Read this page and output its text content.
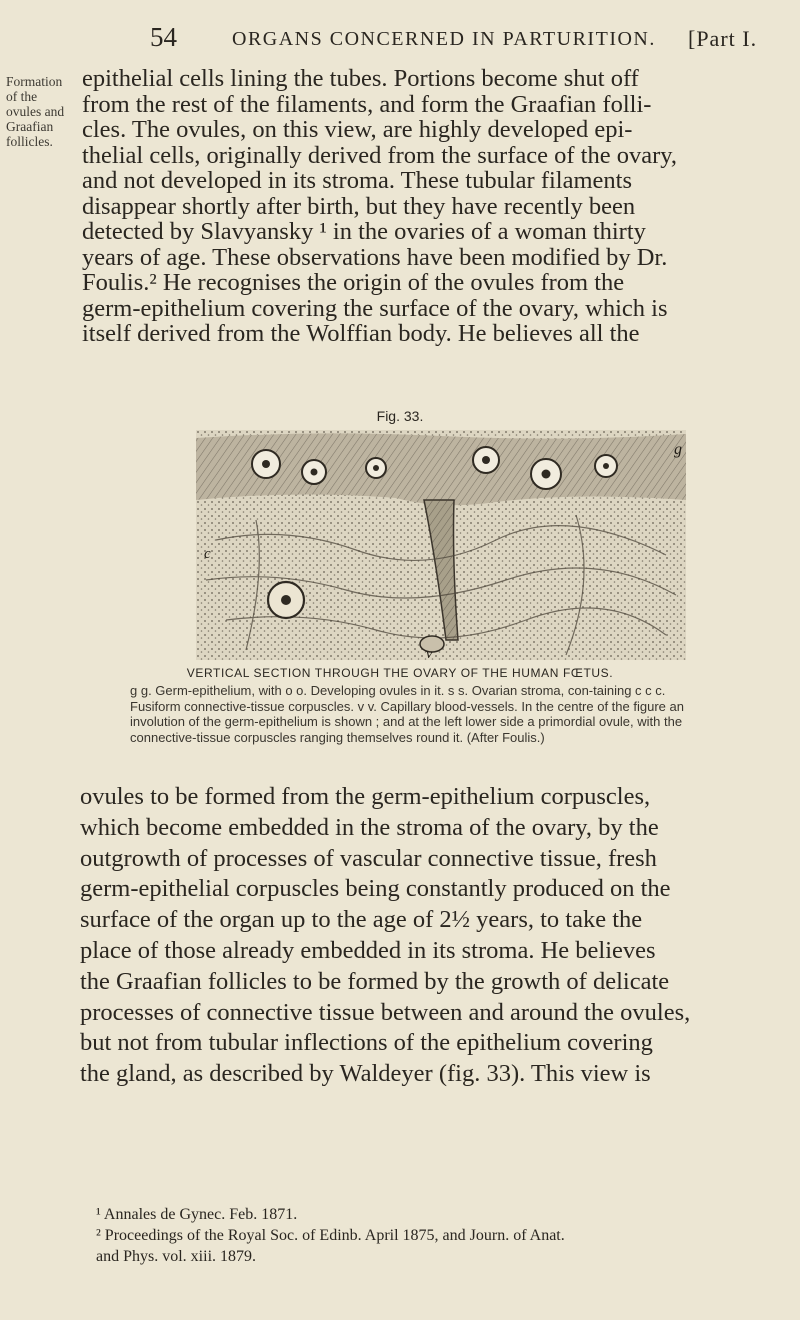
54	ORGANS CONCERNED IN PARTURITION. [Part I.
Formation
of the
ovules and
Graafian
follicles.
epithelial cells lining the tubes. Portions become shut off
from the rest of the filaments, and form the Graafian folli-
cles. The ovules, on this view, are highly developed epi-
thelial cells, originally derived from the surface of the ovary,
and not developed in its stroma. These tubular filaments
disappear shortly after birth, but they have recently been
detected by Slavyansky ¹ in the ovaries of a woman thirty
years of age. These observations have been modified by Dr.
Foulis.² He recognises the origin of the ovules from the
germ-epithelium covering the surface of the ovary, which is
itself derived from the Wolffian body. He believes all the
Fig. 33.
g
c
v
VERTICAL SECTION THROUGH THE OVARY OF THE HUMAN FŒTUS.
g g. Germ-epithelium, with o o. Developing ovules in it. s s. Ovarian stroma, con-taining c c c. Fusiform connective-tissue corpuscles. v v. Capillary blood-vessels. In the centre of the figure an involution of the germ-epithelium is shown ; and at the left lower side a primordial ovule, with the connective-tissue corpuscles ranging themselves round it. (After Foulis.)
ovules to be formed from the germ-epithelium corpuscles,
which become embedded in the stroma of the ovary, by the
outgrowth of processes of vascular connective tissue, fresh
germ-epithelial corpuscles being constantly produced on the
surface of the organ up to the age of 2½ years, to take the
place of those already embedded in its stroma. He believes
the Graafian follicles to be formed by the growth of delicate
processes of connective tissue between and around the ovules,
but not from tubular inflections of the epithelium covering
the gland, as described by Waldeyer (fig. 33). This view is
¹ Annales de Gynec. Feb. 1871.
² Proceedings of the Royal Soc. of Edinb. April 1875, and Journ. of Anat.
and Phys. vol. xiii. 1879.
